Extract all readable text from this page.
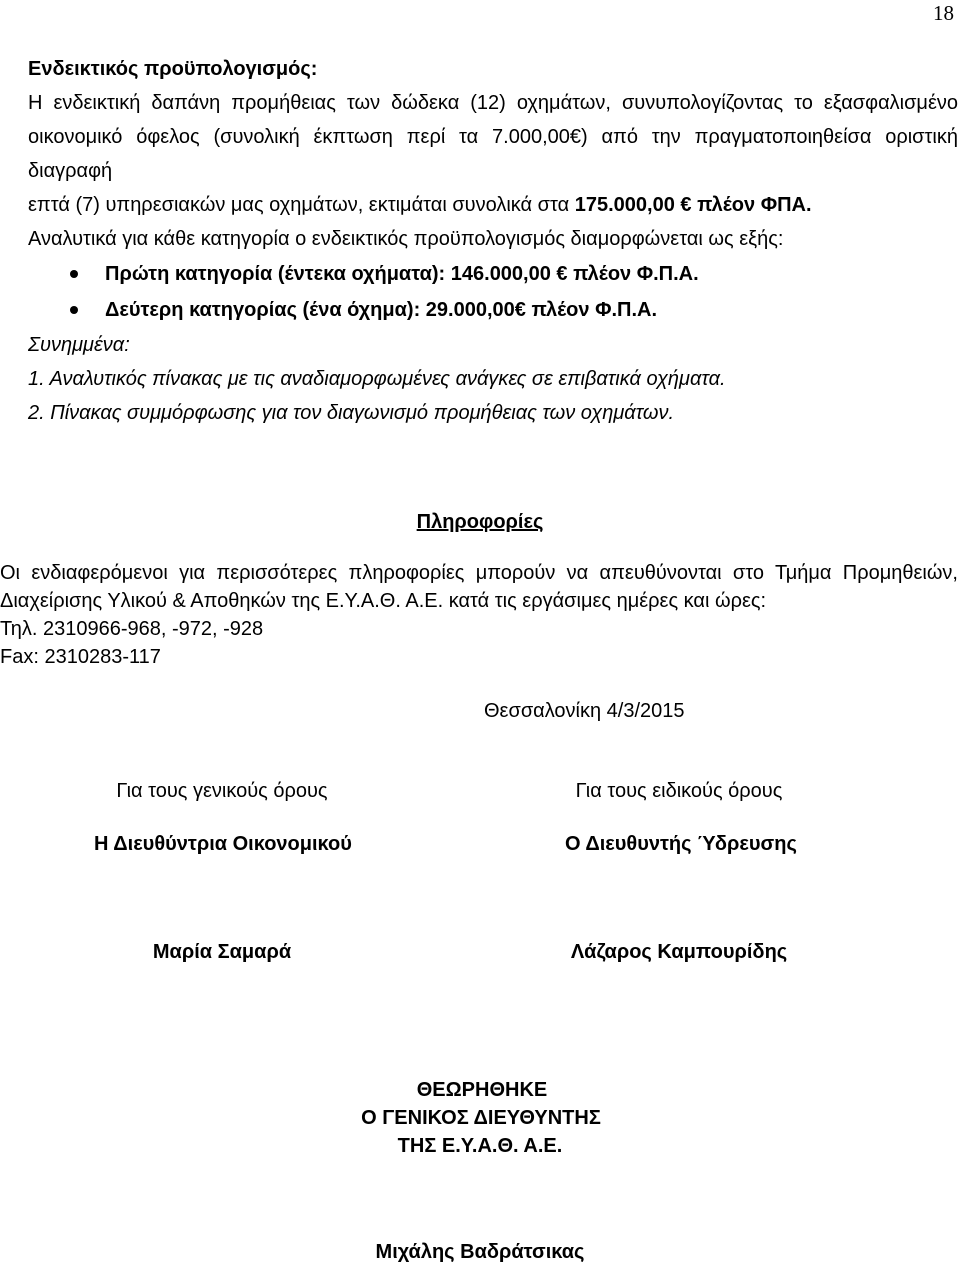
18
Ενδεικτικός προϋπολογισμός:
Η ενδεικτική δαπάνη προμήθειας των δώδεκα (12) οχημάτων, συνυπολογίζοντας το εξασφαλισμένο
οικονομικό όφελος (συνολική έκπτωση περί τα 7.000,00€) από την πραγματοποιηθείσα οριστική διαγραφή
επτά (7) υπηρεσιακών μας οχημάτων, εκτιμάται συνολικά στα 175.000,00 € πλέον ΦΠΑ.
Αναλυτικά για κάθε κατηγορία ο ενδεικτικός προϋπολογισμός διαμορφώνεται ως εξής:
Πρώτη κατηγορία (έντεκα οχήματα): 146.000,00 € πλέον Φ.Π.Α.
Δεύτερη κατηγορίας (ένα όχημα): 29.000,00€ πλέον Φ.Π.Α.
Συνημμένα:
1. Αναλυτικός πίνακας με τις αναδιαμορφωμένες ανάγκες σε επιβατικά οχήματα.
2. Πίνακας συμμόρφωσης για τον διαγωνισμό προμήθειας των οχημάτων.
Πληροφορίες
Οι ενδιαφερόμενοι για περισσότερες πληροφορίες μπορούν να απευθύνονται στο Τμήμα Προμηθειών,
Διαχείρισης Υλικού & Αποθηκών της Ε.Υ.Α.Θ. Α.Ε. κατά τις εργάσιμες ημέρες και ώρες:
Τηλ. 2310966-968, -972, -928
Fax: 2310283-117
Θεσσαλονίκη 4/3/2015
Για τους γενικούς όρους
Η Διευθύντρια Οικονομικού
Μαρία Σαμαρά
Για τους ειδικούς όρους
Ο Διευθυντής Ύδρευσης
Λάζαρος Καμπουρίδης
ΘΕΩΡΗΘΗΚΕ
Ο ΓΕΝΙΚΟΣ ΔΙΕΥΘΥΝΤΗΣ
ΤΗΣ Ε.Υ.Α.Θ. Α.Ε.
Μιχάλης Βαδράτσικας
